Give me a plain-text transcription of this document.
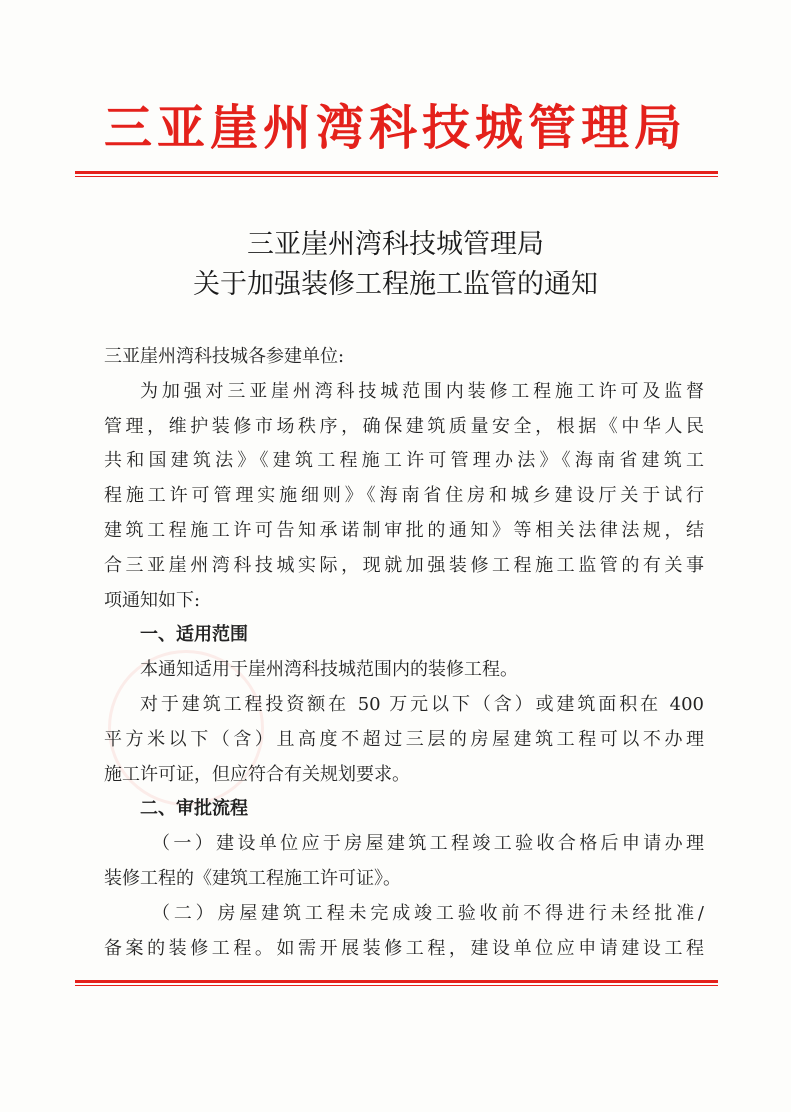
三亚崖州湾科技城管理局
三亚崖州湾科技城管理局
关于加强装修工程施工监管的通知
三亚崖州湾科技城各参建单位:
为加强对三亚崖州湾科技城范围内装修工程施工许可及监督
管理，维护装修市场秩序，确保建筑质量安全，根据《中华人民
共和国建筑法》《建筑工程施工许可管理办法》《海南省建筑工
程施工许可管理实施细则》《海南省住房和城乡建设厅关于试行
建筑工程施工许可告知承诺制审批的通知》等相关法律法规，结
合三亚崖州湾科技城实际，现就加强装修工程施工监管的有关事
项通知如下:
一、适用范围
本通知适用于崖州湾科技城范围内的装修工程。
对于建筑工程投资额在 50 万元以下（含）或建筑面积在 400
平方米以下（含）且高度不超过三层的房屋建筑工程可以不办理
施工许可证，但应符合有关规划要求。
二、审批流程
（一）建设单位应于房屋建筑工程竣工验收合格后申请办理
装修工程的《建筑工程施工许可证》。
（二）房屋建筑工程未完成竣工验收前不得进行未经批准/
备案的装修工程。如需开展装修工程，建设单位应申请建设工程
